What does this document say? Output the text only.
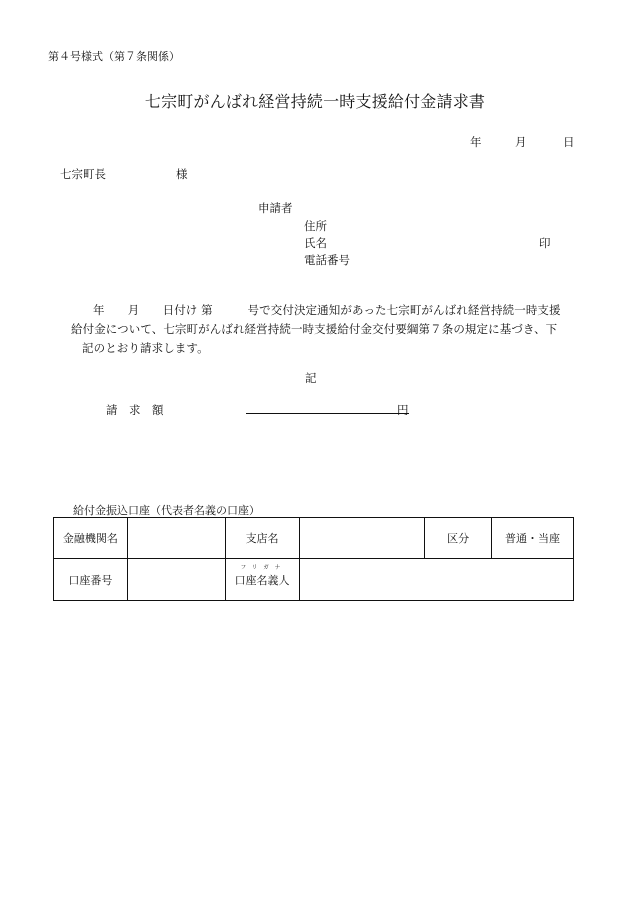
第４号様式（第７条関係）
七宗町がんばれ経営持続一時支援給付金請求書
年	月	日
七宗町長	様
申請者
住所
氏名	印
電話番号
年　　月　　日付け 第　　　号で交付決定通知があった七宗町がんばれ経営持続一時支援
給付金について、七宗町がんばれ経営持続一時支援給付金交付要綱第７条の規定に基づき、下
記のとおり請求します。
記
請　求　額	円
給付金振込口座（代表者名義の口座）
金融機関名		支店名		区分	普通・当座
口座番号		フリガナ
口座名義人			
